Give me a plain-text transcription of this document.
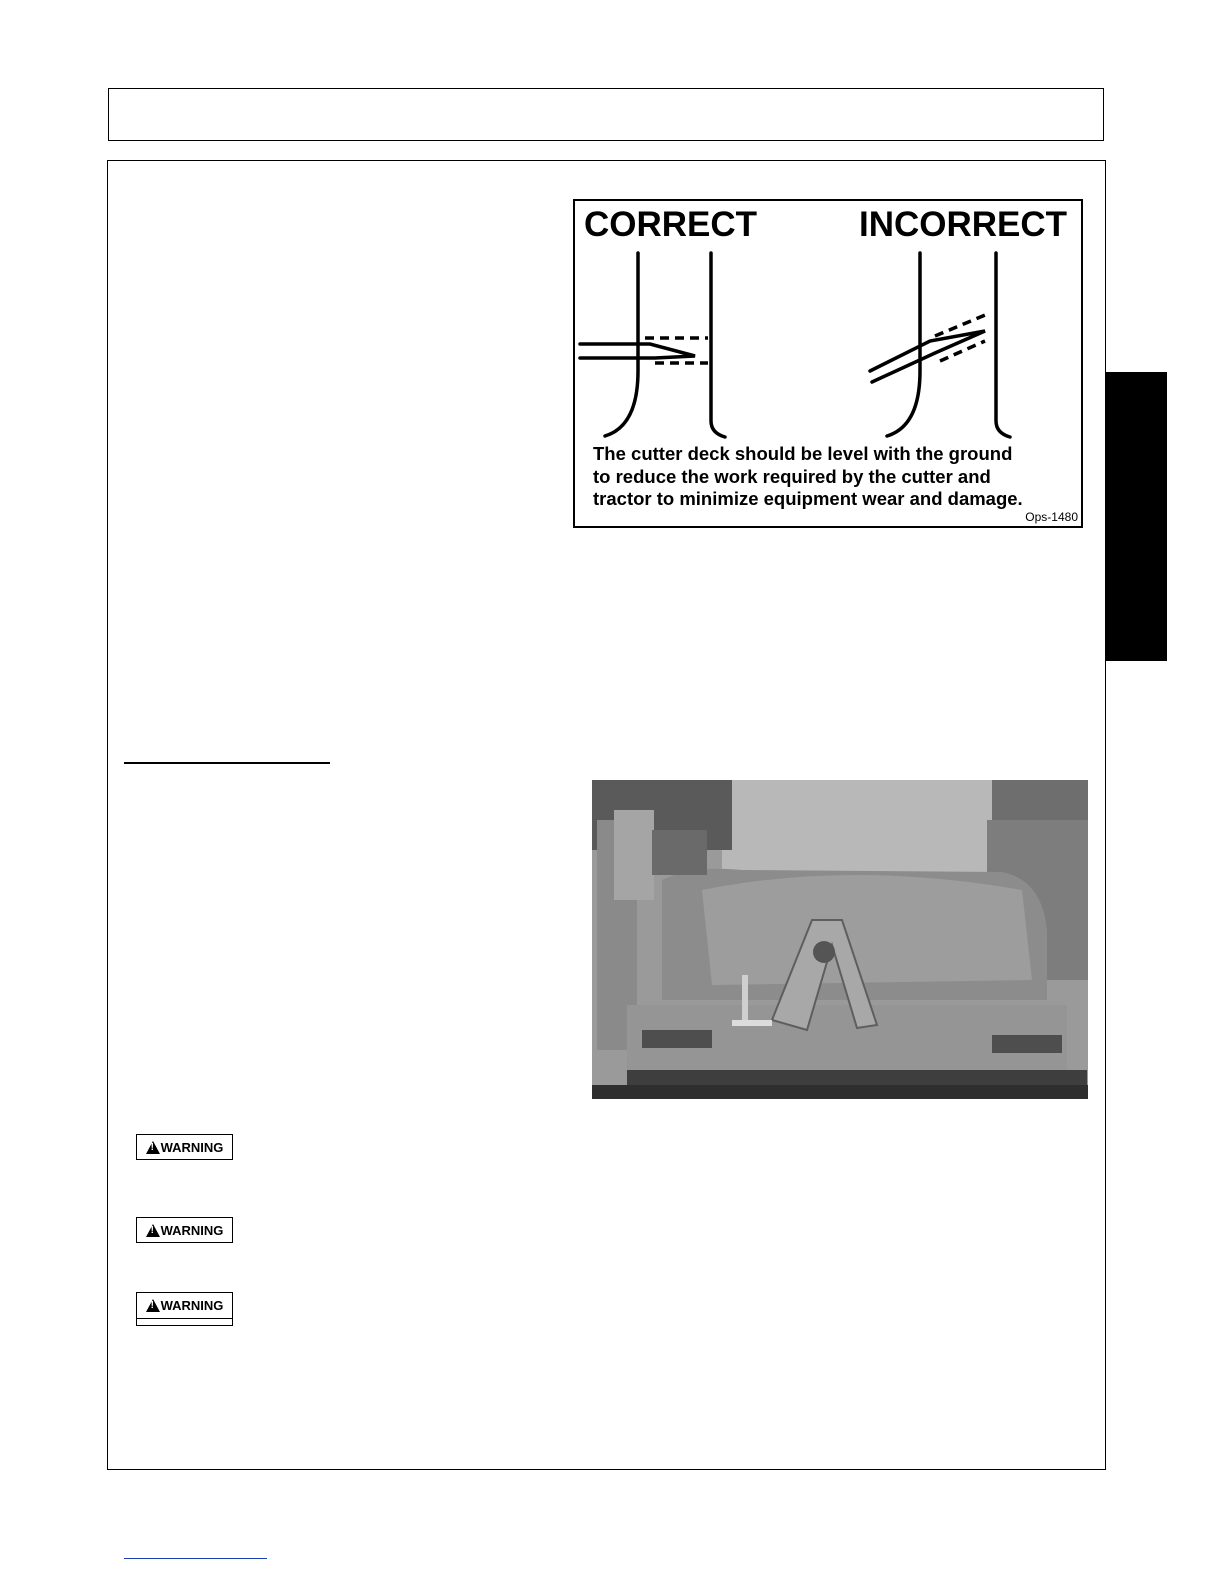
CORRECT	INCORRECT
The cutter deck should be level with the ground
to reduce the work required by the cutter and
tractor to minimize equipment wear and damage.
Ops-1480
!
WARNING
!
WARNING
!
WARNING
